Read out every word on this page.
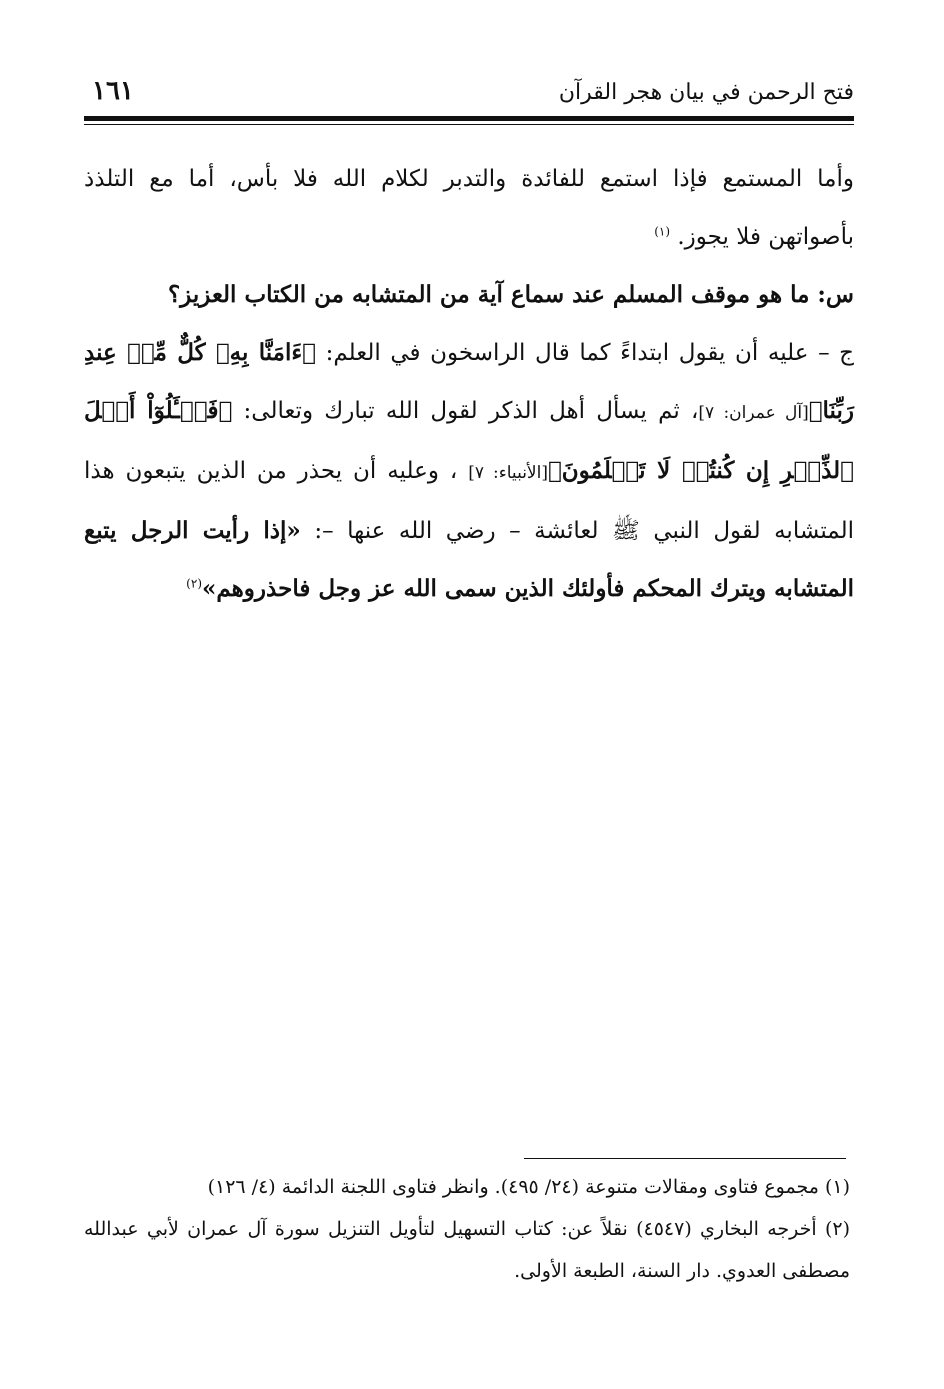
فتح الرحمن في بيان هجر القرآن
١٦١

وأما المستمع فإذا استمع للفائدة والتدبر لكلام الله فلا بأس، أما مع التلذذ بأصواتهن فلا يجوز. $^{(١)}$

س: ما هو موقف المسلم عند سماع آية من المتشابه من الكتاب العزيز؟

ج – عليه أن يقول ابتداءً كما قال الراسخون في العلم: ﴿ءَامَنَّا بِهِۦ كُلٌّ مِّنۡ عِندِ رَبِّنَا﴾[آل عمران: ٧]، ثم يسأل أهل الذكر لقول الله تبارك وتعالى: ﴿فَسۡـَٔلُوٓاْ أَهۡلَ ٱلذِّكۡرِ إِن كُنتُمۡ لَا تَعۡلَمُونَ﴾[الأنبياء: ٧] ، وعليه أن يحذر من الذين يتبعون هذا المتشابه لقول النبي ﷺ لعائشة – رضي الله عنها –: «إذا رأيت الرجل يتبع المتشابه ويترك المحكم فأولئك الذين سمى الله عز وجل فاحذروهم»$^{(٢)}$

(١) مجموع فتاوى ومقالات متنوعة (٢٤/ ٤٩٥). وانظر فتاوى اللجنة الدائمة (٤/ ١٢٦)

(٢) أخرجه البخاري (٤٥٤٧) نقلاً عن: كتاب التسهيل لتأويل التنزيل سورة آل عمران لأبي عبدالله مصطفى العدوي. دار السنة، الطبعة الأولى.
